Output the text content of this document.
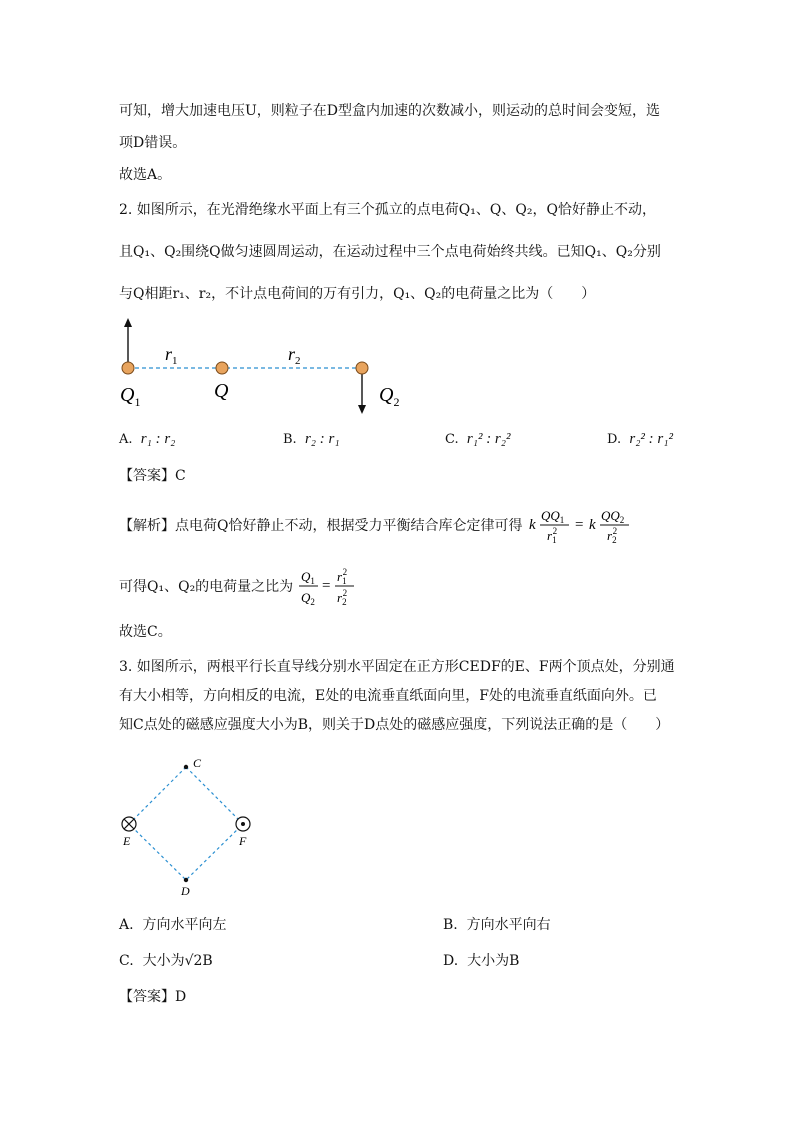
可知，增大加速电压U，则粒子在D型盒内加速的次数减小，则运动的总时间会变短，选
项D错误。
故选A。
2. 如图所示，在光滑绝缘水平面上有三个孤立的点电荷Q₁、Q、Q₂，Q恰好静止不动，
且Q₁、Q₂围绕Q做匀速圆周运动，在运动过程中三个点电荷始终共线。已知Q₁、Q₂分别
与Q相距r₁、r₂，不计点电荷间的万有引力，Q₁、Q₂的电荷量之比为（　　）
$r_1$	$r_2$
$Q_1$	Q	$Q_2$
A. r₁ : r₂	B. r₂ : r₁	C. r₁² : r₂²	D. r₂² : r₁²
【答案】C
【解析】点电荷Q恰好静止不动，根据受力平衡结合库仑定律可得 k
$QQ_1$
$r_12 = k$
$QQ_2$
$r_22$
可得Q₁、Q₂的电荷量之比为
$Q_1$
$Q_2$
=
$r_12$
$r_22$
故选C。
3. 如图所示，两根平行长直导线分别水平固定在正方形CEDF的E、F两个顶点处，分别通
有大小相等，方向相反的电流，E处的电流垂直纸面向里，F处的电流垂直纸面向外。已
知C点处的磁感应强度大小为B，则关于D点处的磁感应强度，下列说法正确的是（　　）
C
E	F
D
A. 方向水平向左	B. 方向水平向右
C. 大小为√2B	D. 大小为B
【答案】D
